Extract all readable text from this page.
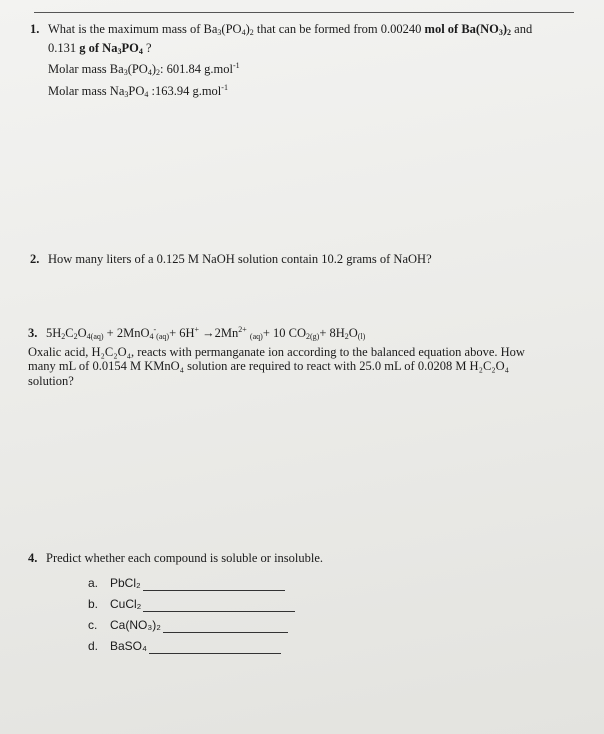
1. What is the maximum mass of $Ba_3(PO_4)_2$ that can be formed from 0.00240 mol of $Ba(NO_3)_2$ and
0.131 g of $Na_3PO_4$ ?
Molar mass $Ba_3(PO_4)_2$: 601.84 g.mol$^{-1}$
Molar mass $Na_3PO_4$ :163.94 g.mol$^{-1}$
2. How many liters of a 0.125 M NaOH solution contain 10.2 grams of NaOH?
3. $5H_2C_2O_{4(aq)} + 2MnO_4^-_{(aq)}+ 6H^+ \to 2Mn^{2+}$ $_{(aq)}$+ 10 $CO_{2(g)}+ 8H_2O_{(l)}$
Oxalic acid, H₂C₂O₄, reacts with permanganate ion according to the balanced equation above. How
many mL of 0.0154 M KMnO₄ solution are required to react with 25.0 mL of 0.0208 M H₂C₂O₄
solution?
4. Predict whether each compound is soluble or insoluble.
a. PbCl₂
b. CuCl₂
c.	Ca(NO₃)₂
d. BaSO₄
